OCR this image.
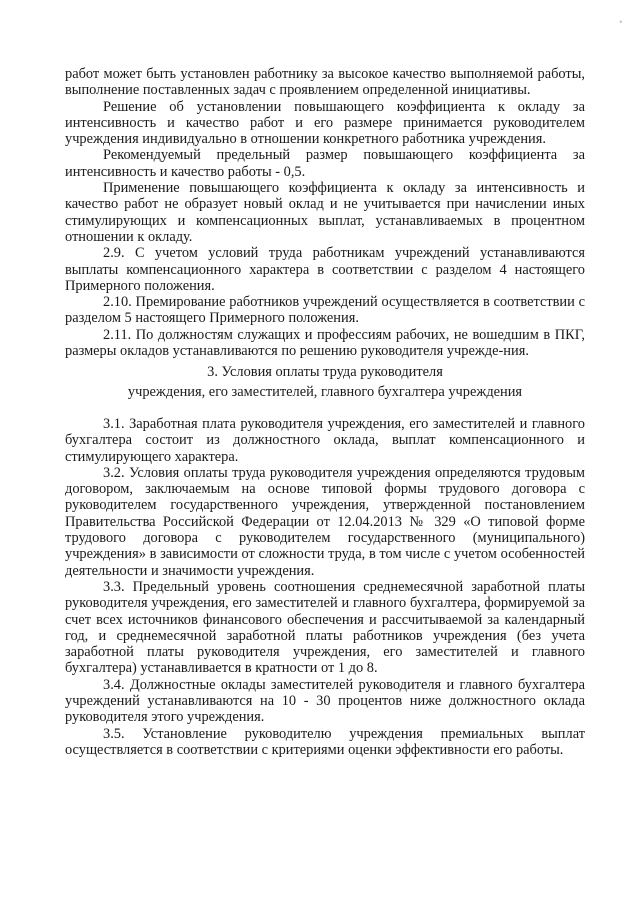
°

работ может быть установлен работнику за высокое качество выполняемой работы, выполнение поставленных задач с проявлением определенной инициативы.

Решение об установлении повышающего коэффициента к окладу за интенсивность и качество работ и его размере принимается руководителем учреждения индивидуально в отношении конкретного работника учреждения.

Рекомендуемый предельный размер повышающего коэффициента за интенсивность и качество работы - 0,5.

Применение повышающего коэффициента к окладу за интенсивность и качество работ не образует новый оклад и не учитывается при начислении иных стимулирующих и компенсационных выплат, устанавливаемых в процентном отношении к окладу.

2.9. С учетом условий труда работникам учреждений устанавливаются выплаты компенсационного характера в соответствии с разделом 4 настоящего Примерного положения.

2.10. Премирование работников учреждений осуществляется в соответствии с разделом 5 настоящего Примерного положения.

2.11. По должностям служащих и профессиям рабочих, не вошедшим в ПКГ, размеры окладов устанавливаются по решению руководителя учрежде-ния.

3. Условия оплаты труда руководителя
учреждения, его заместителей, главного бухгалтера учреждения

3.1. Заработная плата руководителя учреждения, его заместителей и главного бухгалтера состоит из должностного оклада, выплат компенсационного и стимулирующего характера.

3.2. Условия оплаты труда руководителя учреждения определяются трудовым договором, заключаемым на основе типовой формы трудового договора с руководителем государственного учреждения, утвержденной постановлением Правительства Российской Федерации от 12.04.2013 № 329 «О типовой форме трудового договора с руководителем государственного (муниципального) учреждения» в зависимости от сложности труда, в том числе с учетом особенностей деятельности и значимости учреждения.

3.3. Предельный уровень соотношения среднемесячной заработной платы руководителя учреждения, его заместителей и главного бухгалтера, формируемой за счет всех источников финансового обеспечения и рассчитываемой за календарный год, и среднемесячной заработной платы работников учреждения (без учета заработной платы руководителя учреждения, его заместителей и главного бухгалтера) устанавливается в кратности от 1 до 8.

3.4. Должностные оклады заместителей руководителя и главного бухгалтера учреждений устанавливаются на 10 - 30 процентов ниже должностного оклада руководителя этого учреждения.

3.5. Установление руководителю учреждения премиальных выплат осуществляется в соответствии с критериями оценки эффективности его работы.
